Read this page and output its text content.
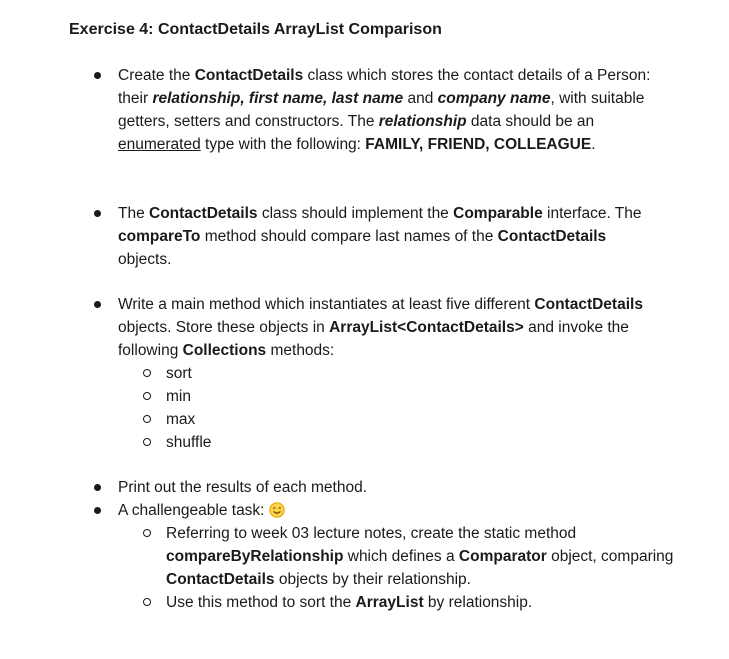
Exercise 4: ContactDetails ArrayList Comparison
Create the ContactDetails class which stores the contact details of a Person: their relationship, first name, last name and company name, with suitable getters, setters and constructors. The relationship data should be an enumerated type with the following: FAMILY, FRIEND, COLLEAGUE.
The ContactDetails class should implement the Comparable interface. The compareTo method should compare last names of the ContactDetails objects.
Write a main method which instantiates at least five different ContactDetails objects. Store these objects in ArrayList<ContactDetails> and invoke the following Collections methods:
sort
min
max
shuffle
Print out the results of each method.
A challengeable task:
Referring to week 03 lecture notes, create the static method compareByRelationship which defines a Comparator object, comparing ContactDetails objects by their relationship.
Use this method to sort the ArrayList by relationship.
